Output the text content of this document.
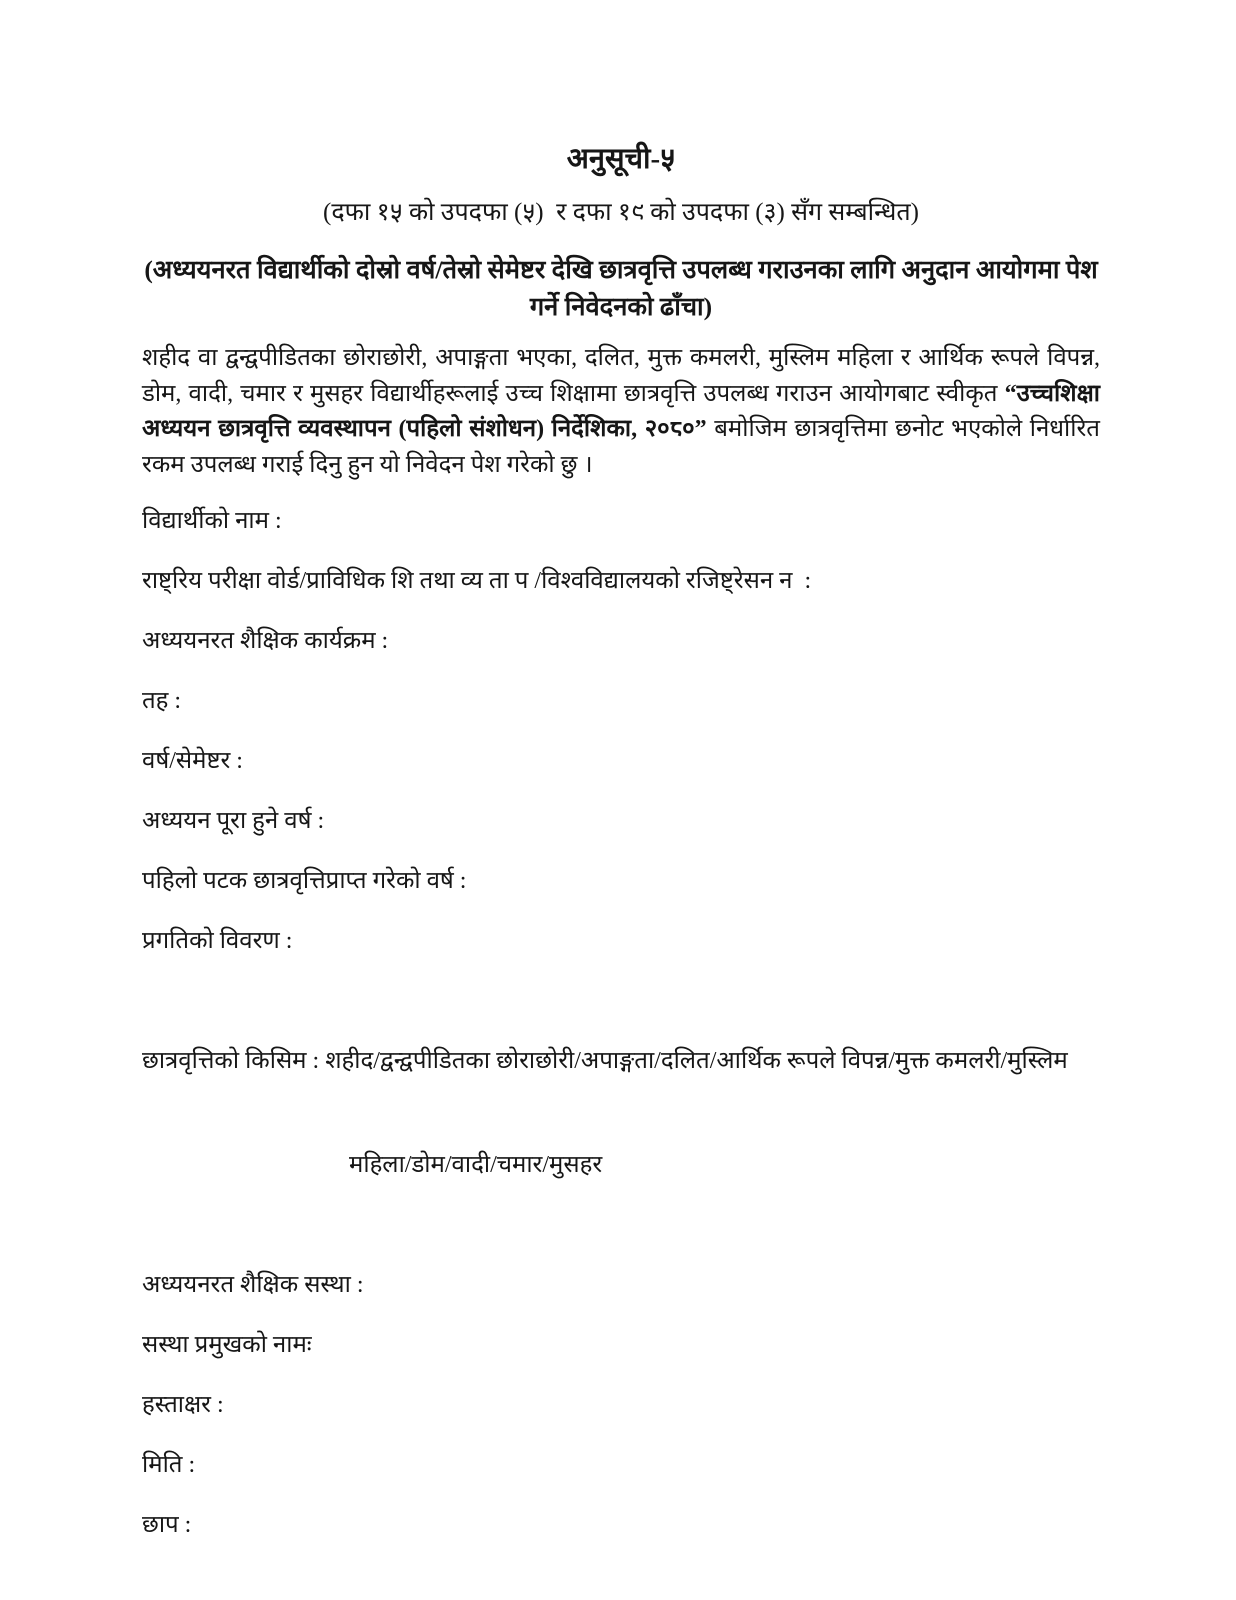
अनुसूची-५
(दफा १५ को उपदफा (५)  र दफा १९ को उपदफा (३) सँग सम्बन्धित)
(अध्ययनरत विद्यार्थीको दोस्रो वर्ष/तेस्रो सेमेष्टर देखि छात्रवृत्ति उपलब्ध गराउनका लागि अनुदान आयोगमा पेश गर्ने निवेदनको ढाँचा)
शहीद वा द्वन्द्वपीडितका छोराछोरी, अपाङ्गता भएका, दलित, मुक्त कमलरी, मुस्लिम महिला र आर्थिक रूपले विपन्न, डोम, वादी, चमार र मुसहर विद्यार्थीहरूलाई उच्च शिक्षामा छात्रवृत्ति उपलब्ध गराउन आयोगबाट स्वीकृत “उच्चशिक्षा अध्ययन छात्रवृत्ति व्यवस्थापन (पहिलो संशोधन) निर्देशिका, २०८०” बमोजिम छात्रवृत्तिमा छनोट भएकोले निर्धारित रकम उपलब्ध गराई दिनु हुन यो निवेदन पेश गरेको छु ।
विद्यार्थीको नाम :
राष्ट्रिय परीक्षा वोर्ड/प्राविधिक शि तथा व्य ता प /विश्वविद्यालयको रजिष्ट्रेसन न  :
अध्ययनरत शैक्षिक कार्यक्रम :
तह :
वर्ष/सेमेष्टर :
अध्ययन पूरा हुने वर्ष :
पहिलो पटक छात्रवृत्तिप्राप्त गरेको वर्ष :
प्रगतिको विवरण :

छात्रवृत्तिको किसिम : शहीद/द्वन्द्वपीडितका छोराछोरी/अपाङ्गता/दलित/आर्थिक रूपले विपन्न/मुक्त कमलरी/मुस्लिम

महिला/डोम/वादी/चमार/मुसहर

अध्ययनरत शैक्षिक सस्था :
सस्था प्रमुखको नामः
हस्ताक्षर :
मिति :
छाप :
